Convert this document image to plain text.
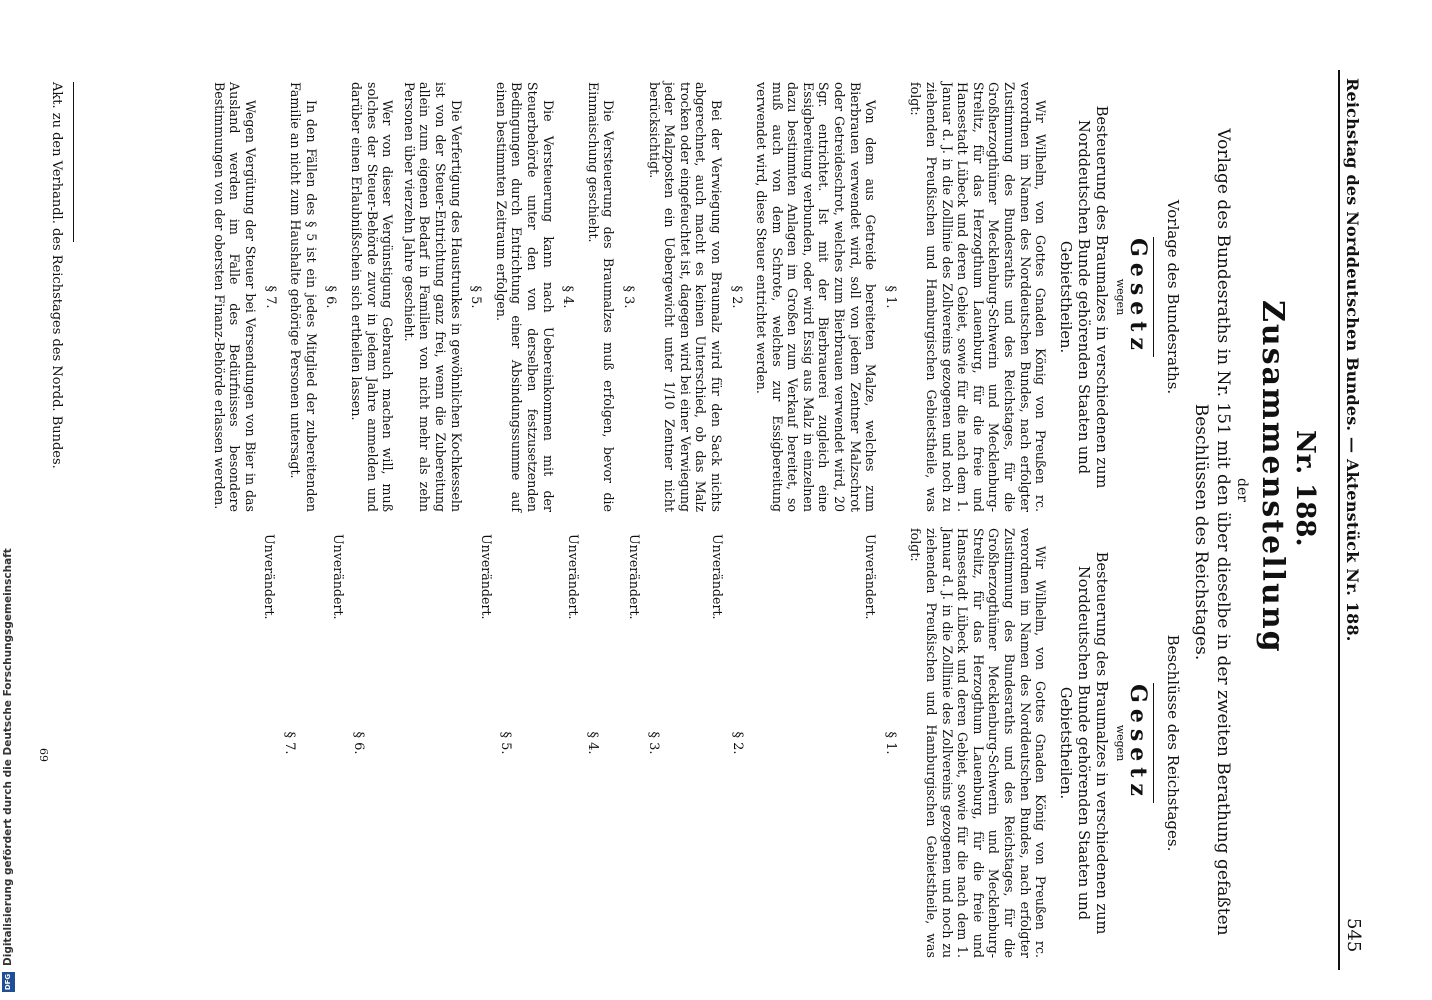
Reichstag des Norddeutschen Bundes. — Aktenstück Nr. 188.
545
Nr. 188.
Zusammenstellung
der
Vorlage des Bundesraths in Nr. 151 mit den über dieselbe in der zweiten Berathung gefaßten Beschlüssen des Reichstages.
Vorlage des Bundesraths.
Gesetz
wegen
Besteuerung des Braumalzes in verschiedenen zum Norddeutschen Bunde gehörenden Staaten und Gebietstheilen.
Wir Wilhelm, von Gottes Gnaden König von Preußen rc. verordnen im Namen des Norddeutschen Bundes, nach erfolgter Zustimmung des Bundesraths und des Reichstages, für die Großherzogthümer Mecklenburg-Schwerin und Mecklenburg-Strelitz, für das Herzogthum Lauenburg, für die freie und Hansestadt Lübeck und deren Gebiet, sowie für die nach dem 1. Januar d. J. in die Zolllinie des Zollvereins gezogenen und noch zu ziehenden Preußischen und Hamburgischen Gebietstheile, was folgt:
§ 1.
Von dem aus Getreide bereiteten Malze, welches zum Bierbrauen verwendet wird, soll von jedem Zentner Malzschrot oder Getreideschrot, welches zum Bierbrauen verwendet wird, 20 Sgr. entrichtet. Ist mit der Bierbrauerei zugleich eine Essigbereitung verbunden, oder wird Essig aus Malz in einzelnen dazu bestimmten Anlagen im Großen zum Verkauf bereitet, so muß auch von dem Schrote, welches zur Essigbereitung verwendet wird, diese Steuer entrichtet werden.
§ 2.
Bei der Verwiegung von Braumalz wird für den Sack nichts abgerechnet, auch macht es keinen Unterschied, ob das Malz trocken oder eingefeuchtet ist, dagegen wird bei einer Verwiegung jeder Malzposten ein Uebergewicht unter 1/10 Zentner nicht berücksichtigt.
§ 3.
Die Versteuerung des Braumalzes muß erfolgen, bevor die Einmaischung geschieht.
§ 4.
Die Versteuerung kann nach Uebereinkommen mit der Steuerbehörde unter den von derselben festzusetzenden Bedingungen durch Entrichtung einer Absindungssumme auf einen bestimmten Zeitraum erfolgen.
§ 5.
Die Verfertigung des Haustrunkes in gewöhnlichen Kochkesseln ist von der Steuer-Entrichtung ganz frei, wenn die Zubereitung allein zum eigenen Bedarf in Familien von nicht mehr als zehn Personen über vierzehn Jahre geschieht.
Wer von dieser Vergünstigung Gebrauch machen will, muß solches der Steuer-Behörde zuvor in jedem Jahre anmelden und darüber einen Erlaubnißschein sich ertheilen lassen.
§ 6.
In den Fällen des § 5 ist ein jedes Mitglied der zubereitenden Familie an nicht zum Haushalte gehörige Personen untersagt.
§ 7.
Wegen Vergütung der Steuer bei Versendungen von Bier in das Ausland werden im Falle des Bedürfnisses besondere Bestimmungen von der obersten Finanz-Behörde erlassen werden.
Beschlüsse des Reichstages.
Gesetz
wegen
Besteuerung des Braumalzes in verschiedenen zum Norddeutschen Bunde gehörenden Staaten und Gebietstheilen.
Wir Wilhelm, von Gottes Gnaden König von Preußen rc. verordnen im Namen des Norddeutschen Bundes, nach erfolgter Zustimmung des Bundesraths und des Reichstages, für die Großherzogthümer Mecklenburg-Schwerin und Mecklenburg-Strelitz, für das Herzogthum Lauenburg, für die freie und Hansestadt Lübeck und deren Gebiet, sowie für die nach dem 1. Januar d. J. in die Zolllinie des Zollvereins gezogenen und noch zu ziehenden Preußischen und Hamburgischen Gebietstheile, was folgt:
§ 1.
Unverändert.
§ 2.
Unverändert.
§ 3.
Unverändert.
§ 4.
Unverändert.
§ 5.
Unverändert.
§ 6.
Unverändert.
§ 7.
Unverändert.
Akt. zu den Verhandl. des Reichstages des Nordd. Bundes.
69
DFG
Digitalisierung gefördert durch die Deutsche Forschungsgemeinschaft
